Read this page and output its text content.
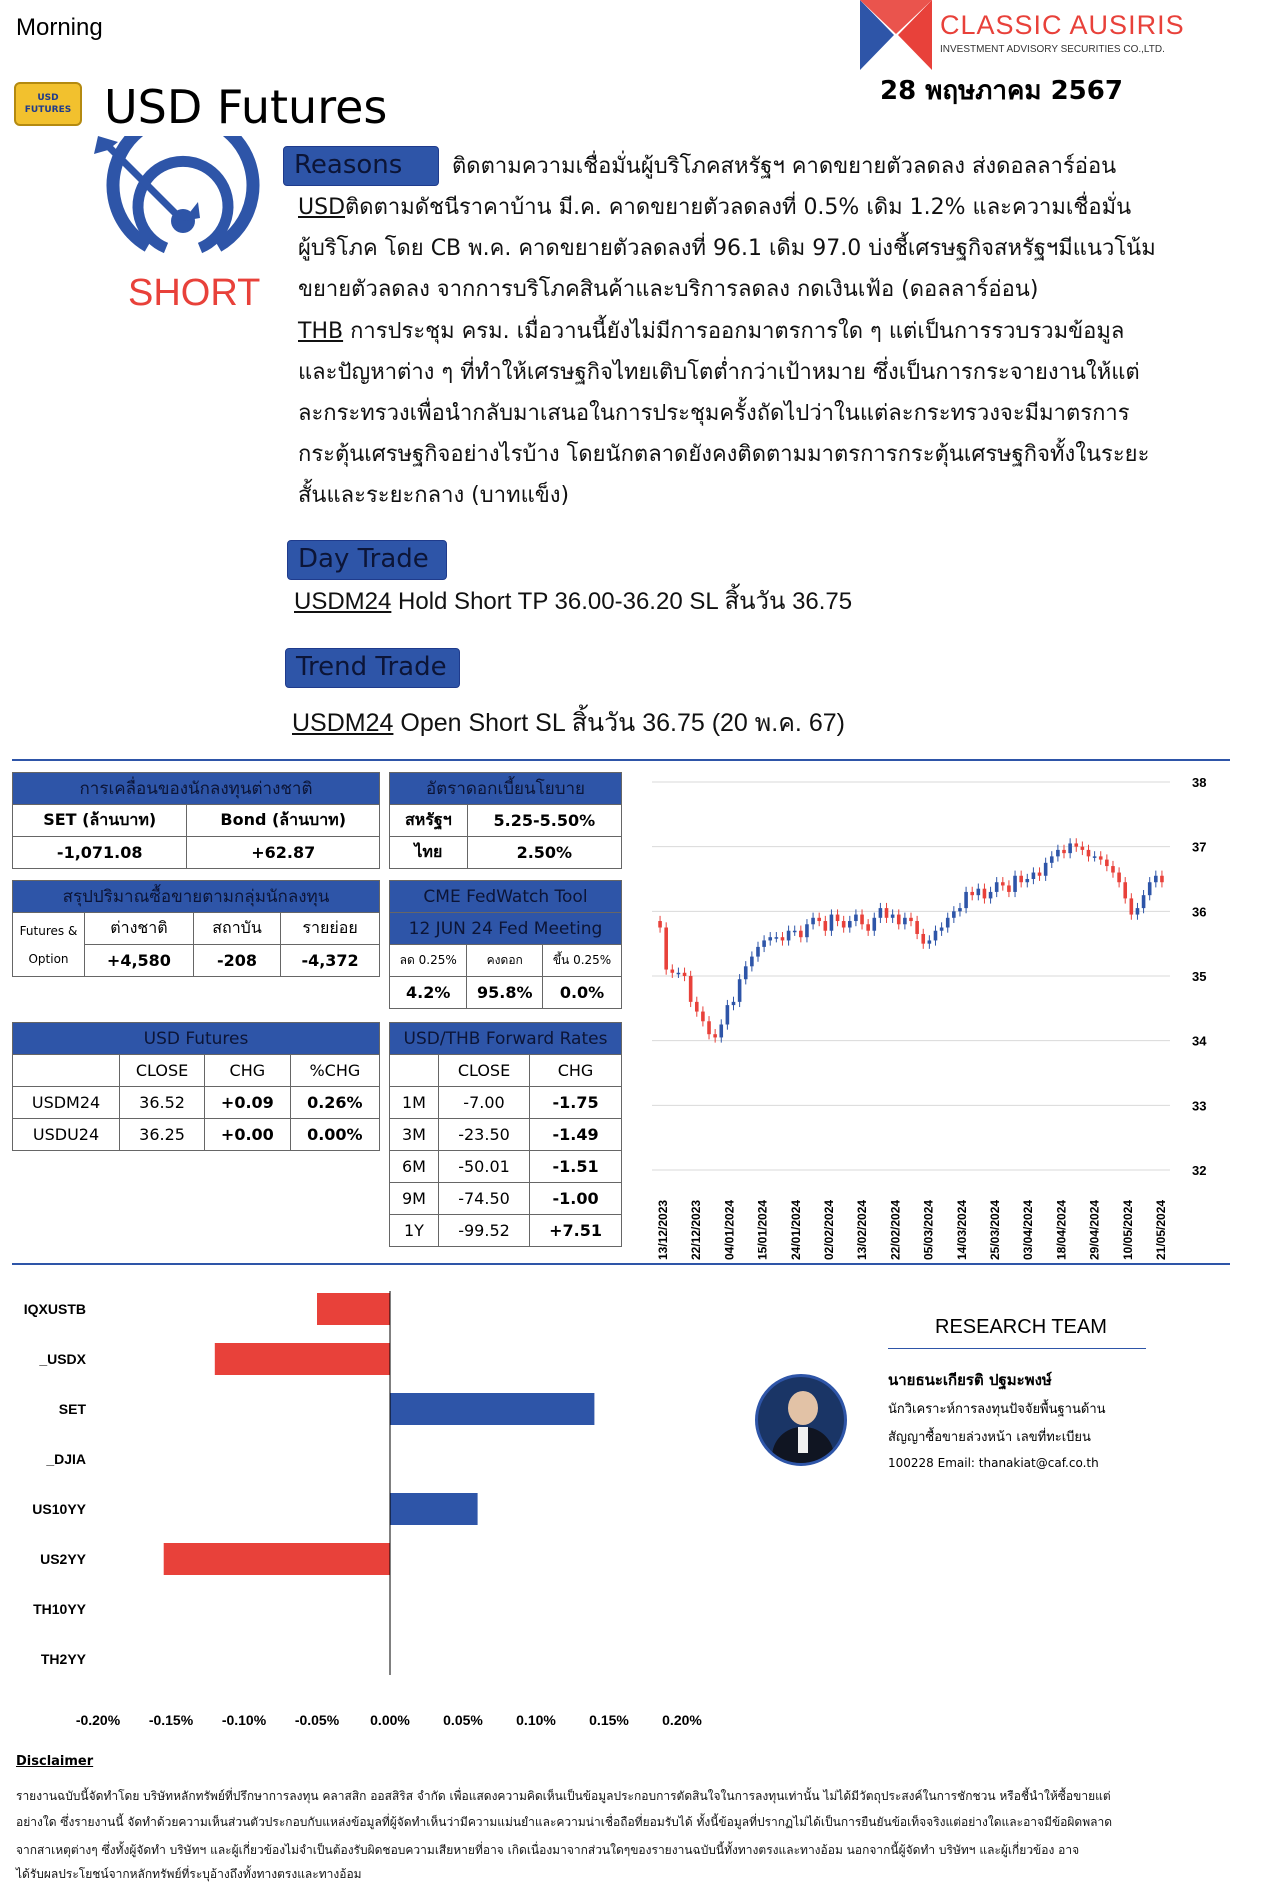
Morning
USD FUTURES USD Futures
CLASSIC AUSIRIS
INVESTMENT ADVISORY SECURITIES CO.,LTD.
28 พฤษภาคม 2567
SHORT
Reasons	ติดตามความเชื่อมั่นผู้บริโภคสหรัฐฯ คาดขยายตัวลดลง ส่งดอลลาร์อ่อน
USDติดตามดัชนีราคาบ้าน มี.ค. คาดขยายตัวลดลงที่ 0.5% เดิม 1.2% และความเชื่อมั่น
ผู้บริโภค โดย CB พ.ค. คาดขยายตัวลดลงที่ 96.1 เดิม 97.0 บ่งชี้เศรษฐกิจสหรัฐฯมีแนวโน้ม
ขยายตัวลดลง จากการบริโภคสินค้าและบริการลดลง กดเงินเฟ้อ (ดอลลาร์อ่อน)
THB การประชุม ครม. เมื่อวานนี้ยังไม่มีการออกมาตรการใด ๆ แต่เป็นการรวบรวมข้อมูล
และปัญหาต่าง ๆ ที่ทำให้เศรษฐกิจไทยเติบโตต่ำกว่าเป้าหมาย ซึ่งเป็นการกระจายงานให้แต่
ละกระทรวงเพื่อนำกลับมาเสนอในการประชุมครั้งถัดไปว่าในแต่ละกระทรวงจะมีมาตรการ
กระตุ้นเศรษฐกิจอย่างไรบ้าง โดยนักตลาดยังคงติดตามมาตรการกระตุ้นเศรษฐกิจทั้งในระยะ
สั้นและระยะกลาง (บาทแข็ง)
Day Trade
USDM24 Hold Short TP 36.00-36.20 SL สิ้นวัน 36.75
Trend Trade
USDM24 Open Short SL สิ้นวัน 36.75 (20 พ.ค. 67)
การเคลื่อนของนักลงทุนต่างชาติ	
SET (ล้านบาท)	Bond (ล้านบาท)
-1,071.08	+62.87
อัตราดอกเบี้ยนโยบาย	
สหรัฐฯ	5.25-5.50%
ไทย	2.50%
สรุปปริมาณซื้อขายตามกลุ่มนักลงทุน			
Futures &
Option	ต่างชาติ	สถาบัน	รายย่อย
	+4,580	-208	-4,372
CME FedWatch Tool		
12 JUN 24 Fed Meeting		
ลด 0.25%	คงดอก	ขึ้น 0.25%
4.2%	95.8%	0.0%
USD Futures			
	CLOSE	CHG	%CHG
USDM24	36.52	+0.09	0.26%
USDU24	36.25	+0.00	0.00%
USD/THB Forward Rates		
	CLOSE	CHG
1M	-7.00	-1.75
3M	-23.50	-1.49
6M	-50.01	-1.51
9M	-74.50	-1.00
1Y	-99.52	+7.51
38
37
36
35
34
33
32
13/12/2023 22/12/2023 04/01/2024 15/01/2024 24/01/2024 02/02/2024 13/02/2024 22/02/2024 05/03/2024 14/03/2024 25/03/2024 03/04/2024 18/04/2024 29/04/2024 10/05/2024 21/05/2024
IQXUSTB
_USDX
SET
_DJIA
US10YY
US2YY
TH10YY
TH2YY
-0.20% -0.15% -0.10% -0.05% 0.00% 0.05% 0.10% 0.15% 0.20%
RESEARCH TEAM
นายธนะเกียรติ ปฐมะพงษ์
นักวิเคราะห์การลงทุนปัจจัยพื้นฐานด้าน
สัญญาซื้อขายล่วงหน้า เลขที่ทะเบียน
100228 Email: thanakiat@caf.co.th
Disclaimer
รายงานฉบับนี้จัดทำโดย บริษัทหลักทรัพย์ที่ปรึกษาการลงทุน คลาสสิก ออสสิริส จำกัด เพื่อแสดงความคิดเห็นเป็นข้อมูลประกอบการตัดสินใจในการลงทุนเท่านั้น ไม่ได้มีวัตถุประสงค์ในการชักชวน หรือชี้นำให้ซื้อขายแต่
อย่างใด ซึ่งรายงานนี้ จัดทำด้วยความเห็นส่วนตัวประกอบกับแหล่งข้อมูลที่ผู้จัดทำเห็นว่ามีความแม่นยำและความน่าเชื่อถือที่ยอมรับได้ ทั้งนี้ข้อมูลที่ปรากฏไม่ได้เป็นการยืนยันข้อเท็จจริงแต่อย่างใดและอาจมีข้อผิดพลาด
จากสาเหตุต่างๆ ซึ่งทั้งผู้จัดทำ บริษัทฯ และผู้เกี่ยวข้องไม่จำเป็นต้องรับผิดชอบความเสียหายที่อาจ เกิดเนื่องมาจากส่วนใดๆของรายงานฉบับนี้ทั้งทางตรงและทางอ้อม นอกจากนี้ผู้จัดทำ บริษัทฯ และผู้เกี่ยวข้อง อาจ
ได้รับผลประโยชน์จากหลักทรัพย์ที่ระบุอ้างถึงทั้งทางตรงและทางอ้อม
